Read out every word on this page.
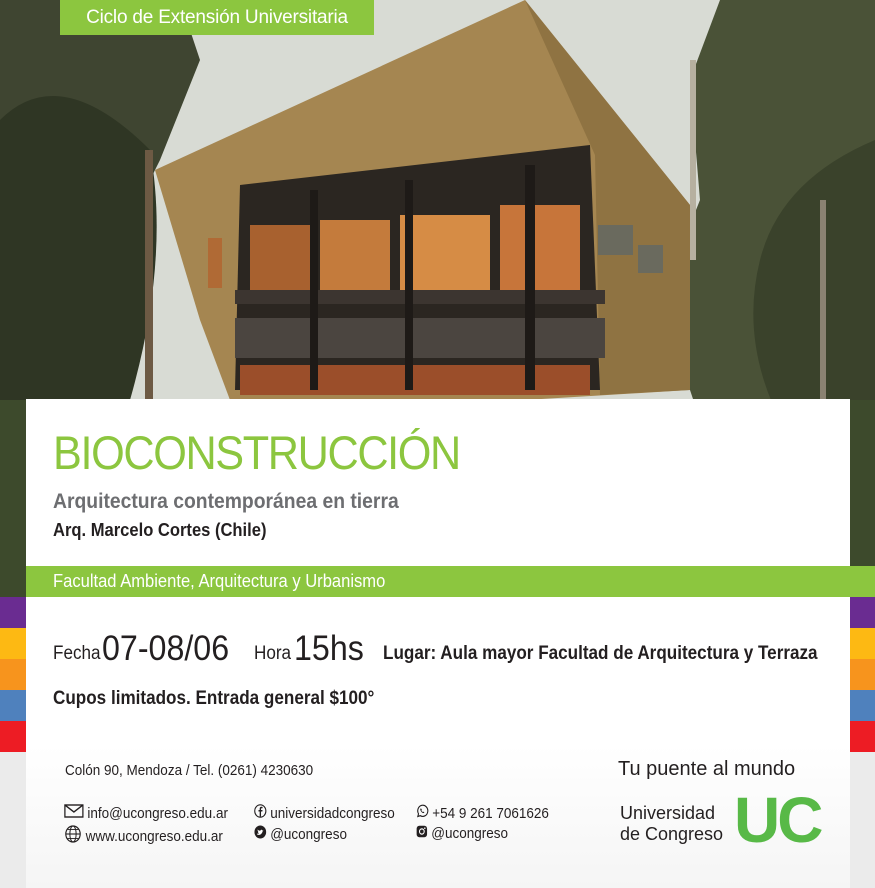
Ciclo de Extensión Universitaria
BIOCONSTRUCCIÓN
Arquitectura contemporánea en tierra
Arq. Marcelo Cortes (Chile)
Facultad Ambiente, Arquitectura y Urbanismo
Fecha 07-08/06 Hora 15hs Lugar: Aula mayor Facultad de Arquitectura y Terraza
Cupos limitados. Entrada general $100°
Colón 90, Mendoza / Tel. (0261) 4230630
info@ucongreso.edu.ar
www.ucongreso.edu.ar
universidadcongreso
@ucongreso
+54 9 261 7061626
@ucongreso
Tu puente al mundo
Universidad
de Congreso UC
